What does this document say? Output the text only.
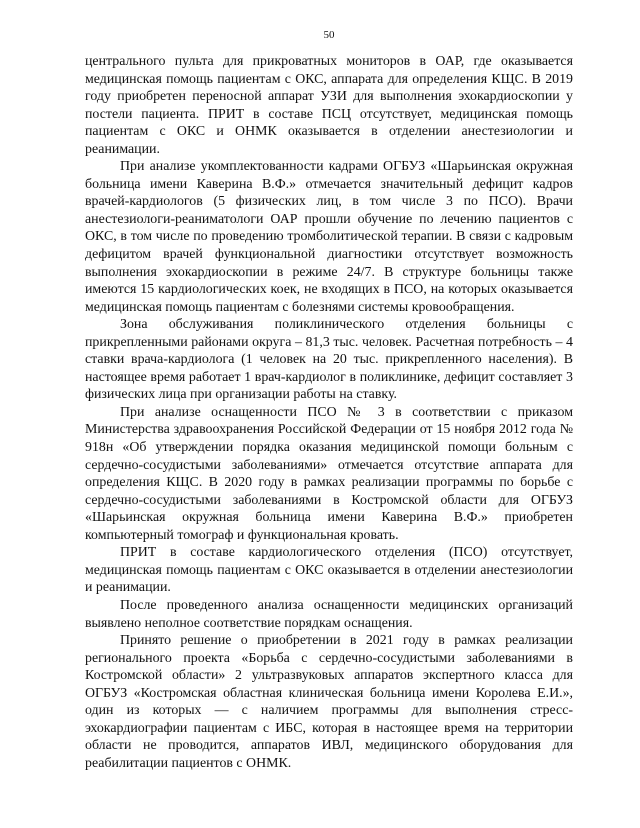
50

центрального пульта для прикроватных мониторов в ОАР, где оказывается медицинская помощь пациентам с ОКС, аппарата для определения КЩС. В 2019 году приобретен переносной аппарат УЗИ для выполнения эхокардиоскопии у постели пациента. ПРИТ в составе ПСЦ отсутствует, медицинская помощь пациентам с ОКС и ОНМК оказывается в отделении анестезиологии и реанимации.

При анализе укомплектованности кадрами ОГБУЗ «Шарьинская окружная больница имени Каверина В.Ф.» отмечается значительный дефицит кадров врачей-кардиологов (5 физических лиц, в том числе 3 по ПСО). Врачи анестезиологи-реаниматологи ОАР прошли обучение по лечению пациентов с ОКС, в том числе по проведению тромболитической терапии. В связи с кадровым дефицитом врачей функциональной диагностики отсутствует возможность выполнения эхокардиоскопии в режиме 24/7. В структуре больницы также имеются 15 кардиологических коек, не входящих в ПСО, на которых оказывается медицинская помощь пациентам с болезнями системы кровообращения.

Зона обслуживания поликлинического отделения больницы с прикрепленными районами округа – 81,3 тыс. человек. Расчетная потребность – 4 ставки врача-кардиолога (1 человек на 20 тыс. прикрепленного населения). В настоящее время работает 1 врач-кардиолог в поликлинике, дефицит составляет 3 физических лица при организации работы на ставку.

При анализе оснащенности ПСО № 3 в соответствии с приказом Министерства здравоохранения Российской Федерации от 15 ноября 2012 года № 918н «Об утверждении порядка оказания медицинской помощи больным с сердечно-сосудистыми заболеваниями» отмечается отсутствие аппарата для определения КЩС. В 2020 году в рамках реализации программы по борьбе с сердечно-сосудистыми заболеваниями в Костромской области для ОГБУЗ «Шарьинская окружная больница имени Каверина В.Ф.» приобретен компьютерный томограф и функциональная кровать.

ПРИТ в составе кардиологического отделения (ПСО) отсутствует, медицинская помощь пациентам с ОКС оказывается в отделении анестезиологии и реанимации.

После проведенного анализа оснащенности медицинских организаций выявлено неполное соответствие порядкам оснащения.

Принято решение о приобретении в 2021 году в рамках реализации регионального проекта «Борьба с сердечно-сосудистыми заболеваниями в Костромской области» 2 ультразвуковых аппаратов экспертного класса для ОГБУЗ «Костромская областная клиническая больница имени Королева Е.И.», один из которых — с наличием программы для выполнения стресс-эхокардиографии пациентам с ИБС, которая в настоящее время на территории области не проводится, аппаратов ИВЛ, медицинского оборудования для реабилитации пациентов с ОНМК.
